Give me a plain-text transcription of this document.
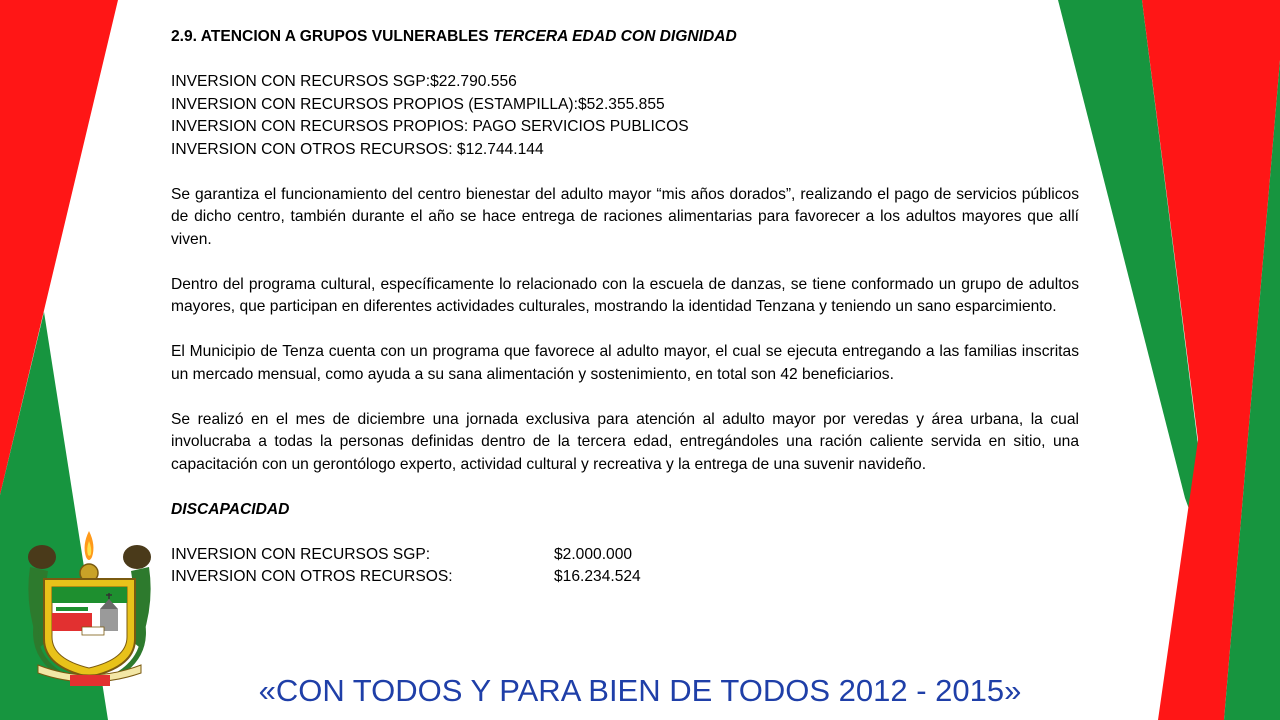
2.9. ATENCION A GRUPOS VULNERABLES TERCERA EDAD CON DIGNIDAD

INVERSION CON RECURSOS SGP:$22.790.556

INVERSION CON RECURSOS PROPIOS (ESTAMPILLA):$52.355.855

INVERSION CON RECURSOS PROPIOS: PAGO SERVICIOS PUBLICOS

INVERSION CON OTROS RECURSOS: $12.744.144

Se garantiza el funcionamiento del centro bienestar del adulto mayor “mis años dorados”, realizando el pago de servicios públicos de dicho centro, también durante el año se hace entrega de raciones alimentarias para favorecer a los adultos mayores que allí viven.

Dentro del programa cultural, específicamente lo relacionado con la escuela de danzas, se tiene conformado un grupo de adultos mayores, que participan en diferentes actividades culturales, mostrando la identidad Tenzana y teniendo un sano esparcimiento.

El Municipio de Tenza cuenta con un programa que favorece al adulto mayor, el cual se ejecuta entregando a las familias inscritas un mercado mensual, como ayuda a su sana alimentación y sostenimiento, en total son 42 beneficiarios.

Se realizó en el mes de diciembre una jornada exclusiva para atención al adulto mayor por veredas y área urbana, la cual involucraba a todas la personas definidas dentro de la tercera edad, entregándoles una ración caliente servida en sitio, una capacitación con un gerontólogo experto, actividad cultural y recreativa y la entrega de una suvenir navideño.

DISCAPACIDAD

INVERSION CON RECURSOS SGP:	$2.000.000
INVERSION CON OTROS RECURSOS:	$16.234.524
«CON TODOS Y PARA BIEN DE TODOS 2012 - 2015»
